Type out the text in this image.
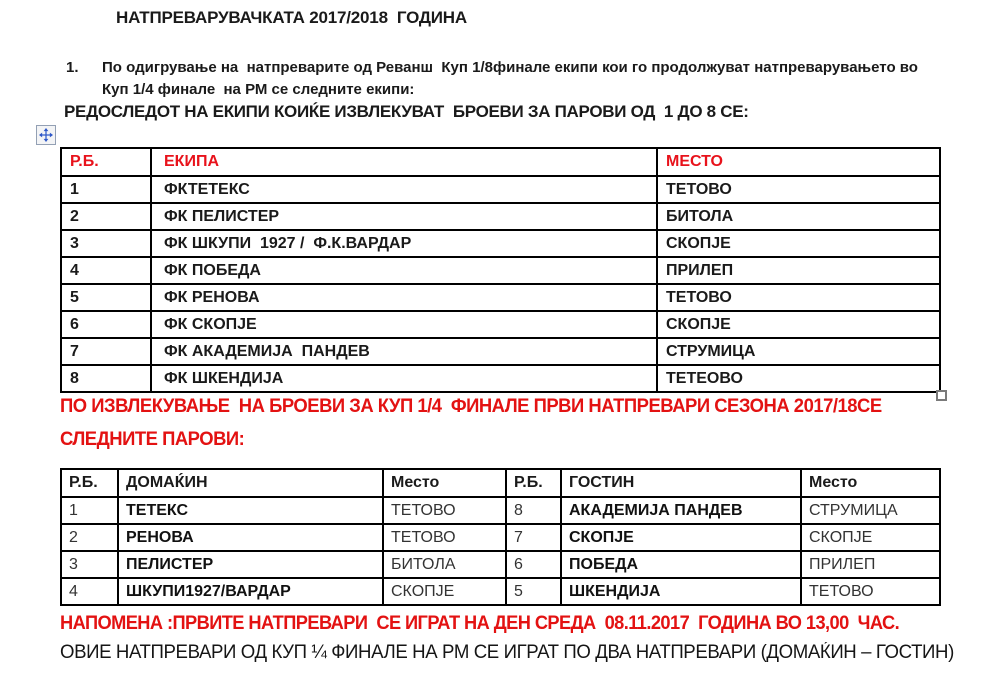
НАТПРЕВАРУВАЧКАТА 2017/2018  ГОДИНА
1.	По одигрување на  натпреварите од Реванш  Куп 1/8финале екипи кои го продолжуват натпреварувањето во
Куп 1/4 финале  на РМ се следните екипи:
РЕДОСЛЕДОТ НА ЕКИПИ КОИЌЕ ИЗВЛЕКУВАТ  БРОЕВИ ЗА ПАРОВИ ОД  1 ДО 8 СЕ:
Р.Б.	ЕКИПА	МЕСТО
1	ФКТЕТЕКС	ТЕТОВО
2	ФК ПЕЛИСТЕР	БИТОЛА
3	ФК ШКУПИ  1927 /  Ф.К.ВАРДАР	СКОПЈЕ
4	ФК ПОБЕДА	ПРИЛЕП
5	ФК РЕНОВА	ТЕТОВО
6	ФК СКОПЈЕ	СКОПЈЕ
7	ФК АКАДЕМИЈА  ПАНДЕВ	СТРУМИЦА
8	ФК ШКЕНДИЈА	ТЕТЕОВО
ПО ИЗВЛЕКУВАЊЕ  НА БРОЕВИ ЗА КУП 1/4  ФИНАЛЕ ПРВИ НАТПРЕВАРИ СЕЗОНА 2017/18СЕ
СЛЕДНИТЕ ПАРОВИ:
Р.Б.	ДОМАЌИН	Место	Р.Б.	ГОСТИН	Место
1	ТЕТЕКС	ТЕТОВО	8	АКАДЕМИЈА ПАНДЕВ	СТРУМИЦА
2	РЕНОВА	ТЕТОВО	7	СКОПЈЕ	СКОПЈЕ
3	ПЕЛИСТЕР	БИТОЛА	6	ПОБЕДА	ПРИЛЕП
4	ШКУПИ1927/ВАРДАР	СКОПЈЕ	5	ШКЕНДИЈА	ТЕТОВО
НАПОМЕНА :ПРВИТЕ НАТПРЕВАРИ  СЕ ИГРАТ НА ДЕН СРЕДА  08.11.2017  ГОДИНА ВО 13,00  ЧАС.
ОВИЕ НАТПРЕВАРИ ОД КУП ¼ ФИНАЛЕ НА РМ СЕ ИГРАТ ПО ДВА НАТПРЕВАРИ (ДОМАЌИН – ГОСТИН)
